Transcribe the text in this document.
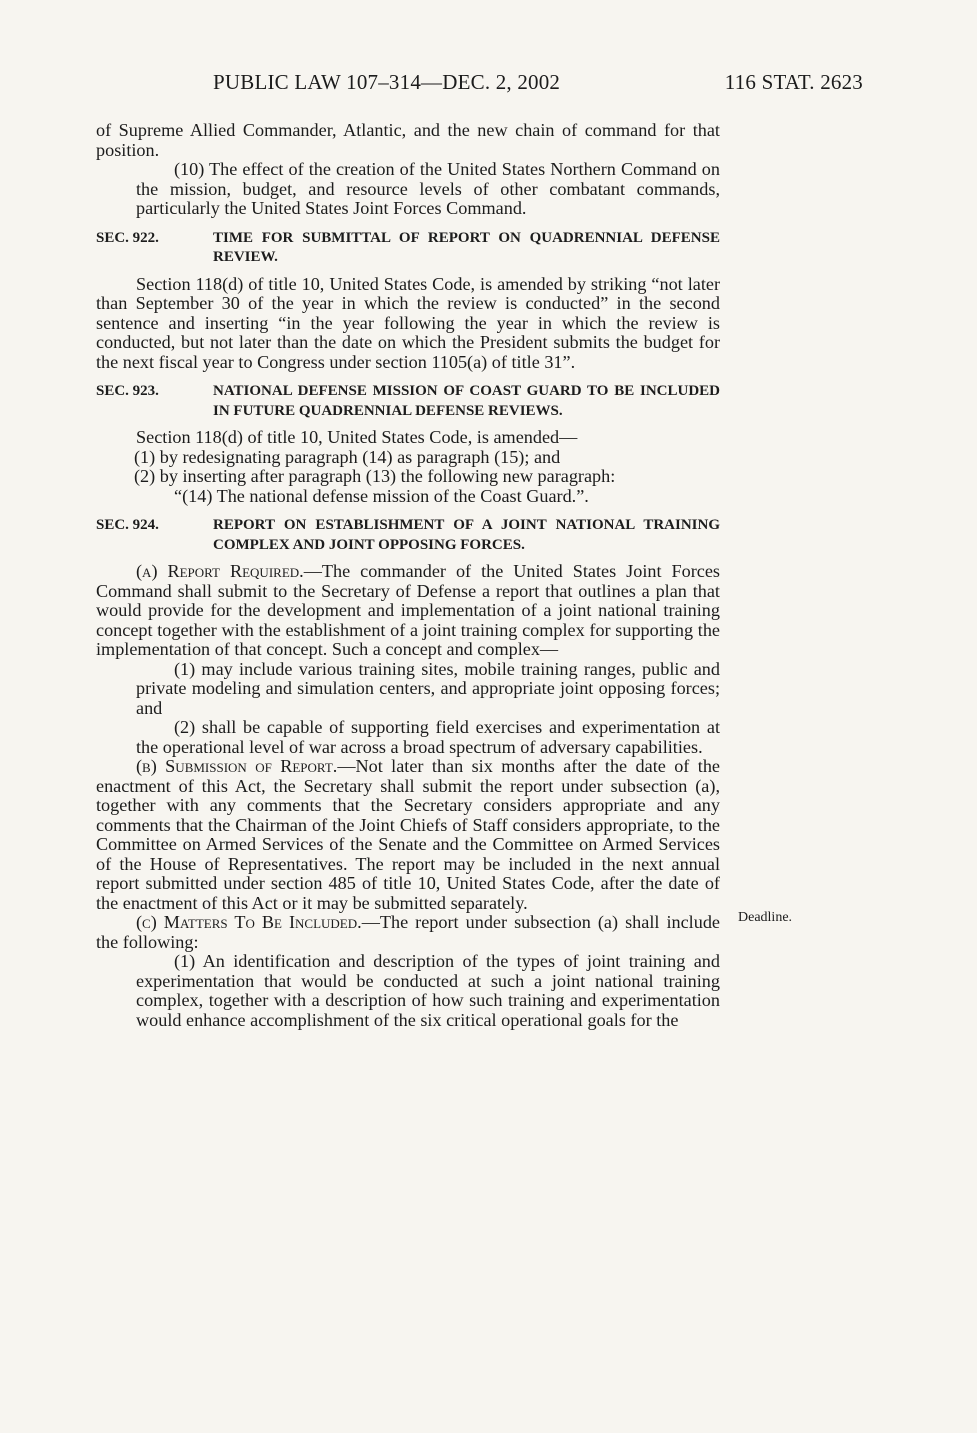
PUBLIC LAW 107–314—DEC. 2, 2002	116 STAT. 2623

of Supreme Allied Commander, Atlantic, and the new chain of command for that position.

(10) The effect of the creation of the United States Northern Command on the mission, budget, and resource levels of other combatant commands, particularly the United States Joint Forces Command.

SEC. 922.	TIME FOR SUBMITTAL OF REPORT ON QUADRENNIAL DEFENSE REVIEW.

Section 118(d) of title 10, United States Code, is amended by striking “not later than September 30 of the year in which the review is conducted” in the second sentence and inserting “in the year following the year in which the review is conducted, but not later than the date on which the President submits the budget for the next fiscal year to Congress under section 1105(a) of title 31”.

SEC. 923.	NATIONAL DEFENSE MISSION OF COAST GUARD TO BE INCLUDED IN FUTURE QUADRENNIAL DEFENSE REVIEWS.

Section 118(d) of title 10, United States Code, is amended—

(1) by redesignating paragraph (14) as paragraph (15); and

(2) by inserting after paragraph (13) the following new paragraph:

“(14) The national defense mission of the Coast Guard.”.

SEC. 924.	REPORT ON ESTABLISHMENT OF A JOINT NATIONAL TRAINING COMPLEX AND JOINT OPPOSING FORCES.

(a) Report Required.—The commander of the United States Joint Forces Command shall submit to the Secretary of Defense a report that outlines a plan that would provide for the development and implementation of a joint national training concept together with the establishment of a joint training complex for supporting the implementation of that concept. Such a concept and complex—

(1) may include various training sites, mobile training ranges, public and private modeling and simulation centers, and appropriate joint opposing forces; and

(2) shall be capable of supporting field exercises and experimentation at the operational level of war across a broad spectrum of adversary capabilities.

(b) Submission of Report.—Not later than six months after the date of the enactment of this Act, the Secretary shall submit the report under subsection (a), together with any comments that the Secretary considers appropriate and any comments that the Chairman of the Joint Chiefs of Staff considers appropriate, to the Committee on Armed Services of the Senate and the Committee on Armed Services of the House of Representatives. The report may be included in the next annual report submitted under section 485 of title 10, United States Code, after the date of the enactment of this Act or it may be submitted separately.

(c) Matters To Be Included.—The report under subsection (a) shall include the following:

(1) An identification and description of the types of joint training and experimentation that would be conducted at such a joint national training complex, together with a description of how such training and experimentation would enhance accomplishment of the six critical operational goals for the

Deadline.
